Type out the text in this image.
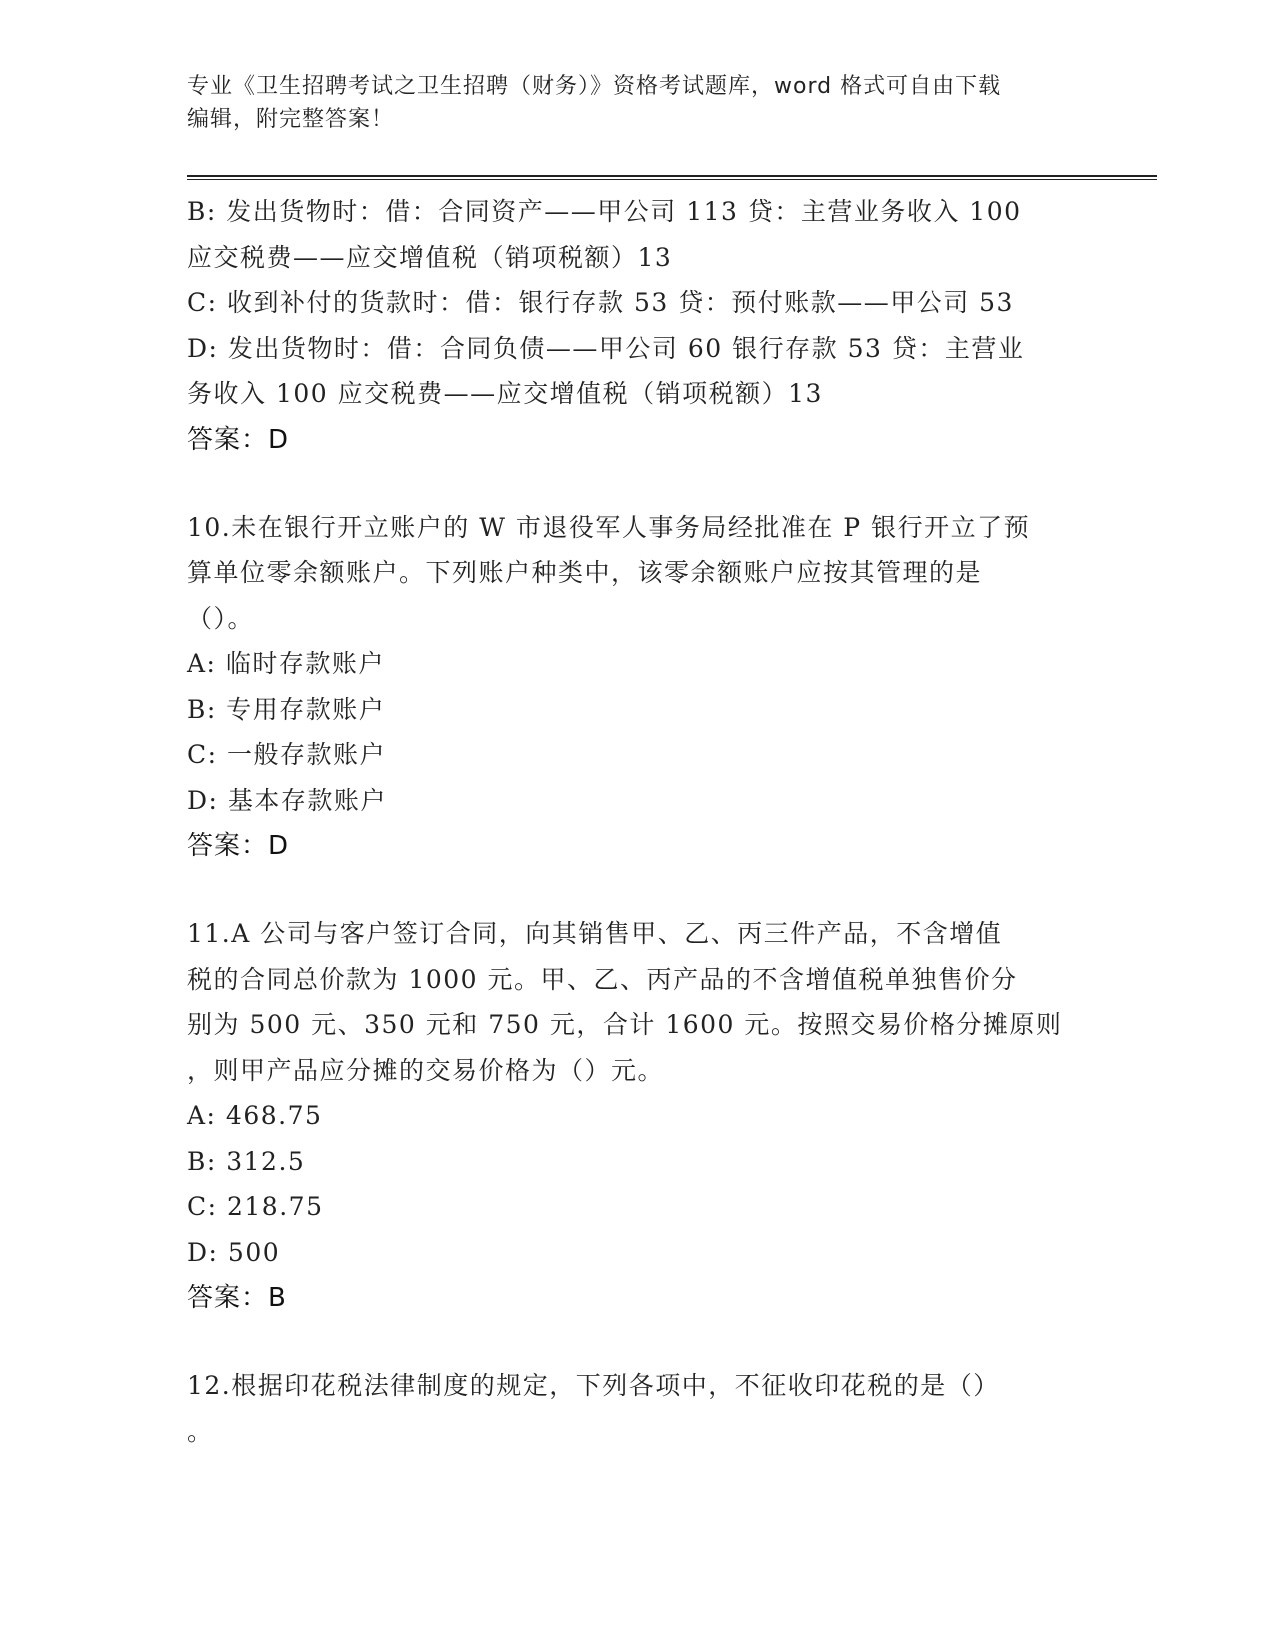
专业《卫生招聘考试之卫生招聘（财务）》资格考试题库，word 格式可自由下载
编辑，附完整答案！
B: 发出货物时：借：合同资产——甲公司 113 贷：主营业务收入 100
应交税费——应交增值税（销项税额）13
C: 收到补付的货款时：借：银行存款 53 贷：预付账款——甲公司 53
D: 发出货物时：借：合同负债——甲公司 60 银行存款 53 贷：主营业
务收入 100 应交税费——应交增值税（销项税额）13
答案：D
10.未在银行开立账户的 W 市退役军人事务局经批准在 P 银行开立了预
算单位零余额账户。下列账户种类中，该零余额账户应按其管理的是
（）。
A: 临时存款账户
B: 专用存款账户
C: 一般存款账户
D: 基本存款账户
答案：D
11.A 公司与客户签订合同，向其销售甲、乙、丙三件产品，不含增值
税的合同总价款为 1000 元。甲、乙、丙产品的不含增值税单独售价分
别为 500 元、350 元和 750 元，合计 1600 元。按照交易价格分摊原则
，则甲产品应分摊的交易价格为（）元。
A: 468.75
B: 312.5
C: 218.75
D: 500
答案：B
12.根据印花税法律制度的规定，下列各项中，不征收印花税的是（）
。
